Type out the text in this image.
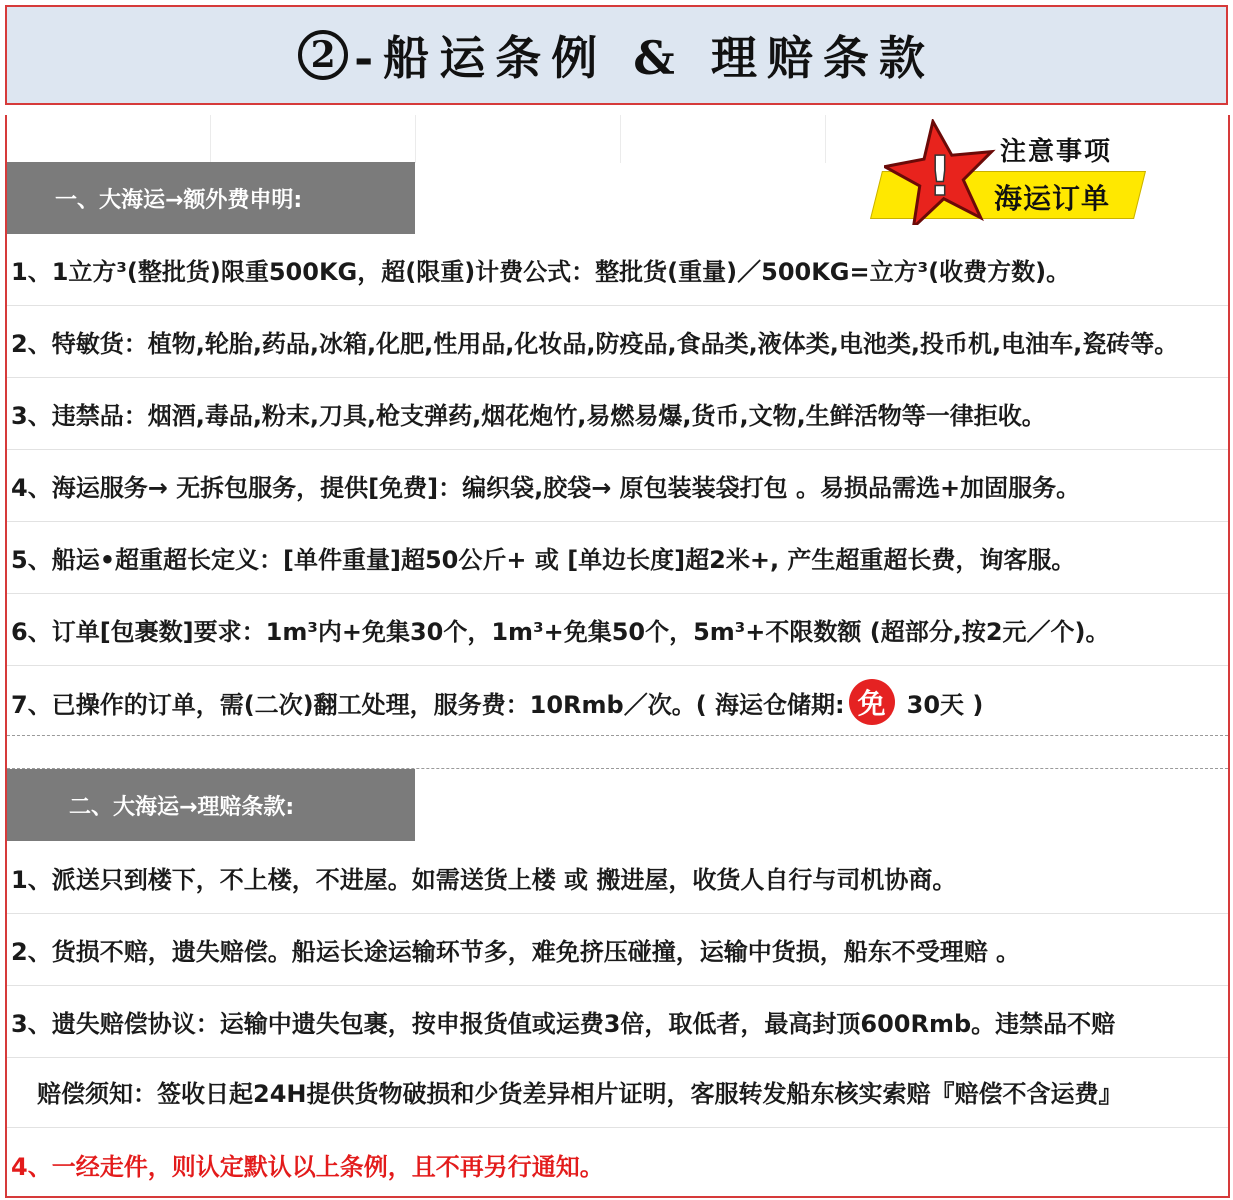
2 -船运条例 & 理赔条款
! 注意事项
海运订单
一、大海运→额外费申明:
1、1立方³(整批货)限重500KG，超(限重)计费公式：整批货(重量)／500KG=立方³(收费方数)。
2、特敏货：植物,轮胎,药品,冰箱,化肥,性用品,化妆品,防疫品,食品类,液体类,电池类,投币机,电油车,瓷砖等。
3、违禁品：烟酒,毒品,粉末,刀具,枪支弹药,烟花炮竹,易燃易爆,货币,文物,生鲜活物等一律拒收。
4、海运服务→ 无拆包服务，提供[免费]：编织袋,胶袋→ 原包装装袋打包 。易损品需选+加固服务。
5、船运•超重超长定义：[单件重量]超50公斤+ 或 [单边长度]超2米+, 产生超重超长费，询客服。
6、订单[包裹数]要求：1m³内+免集30个，1m³+免集50个，5m³+不限数额 (超部分,按2元／个)。
7、已操作的订单，需(二次)翻工处理，服务费：10Rmb／次。( 海运仓储期: 免 30天 )
二、大海运→理赔条款:
1、派送只到楼下，不上楼，不进屋。如需送货上楼 或 搬进屋，收货人自行与司机协商。
2、货损不赔，遗失赔偿。船运长途运输环节多，难免挤压碰撞，运输中货损，船东不受理赔 。
3、遗失赔偿协议：运输中遗失包裹，按申报货值或运费3倍，取低者，最高封顶600Rmb。违禁品不赔
赔偿须知：签收日起24H提供货物破损和少货差异相片证明，客服转发船东核实索赔『赔偿不含运费』
4、一经走件，则认定默认以上条例，且不再另行通知。
